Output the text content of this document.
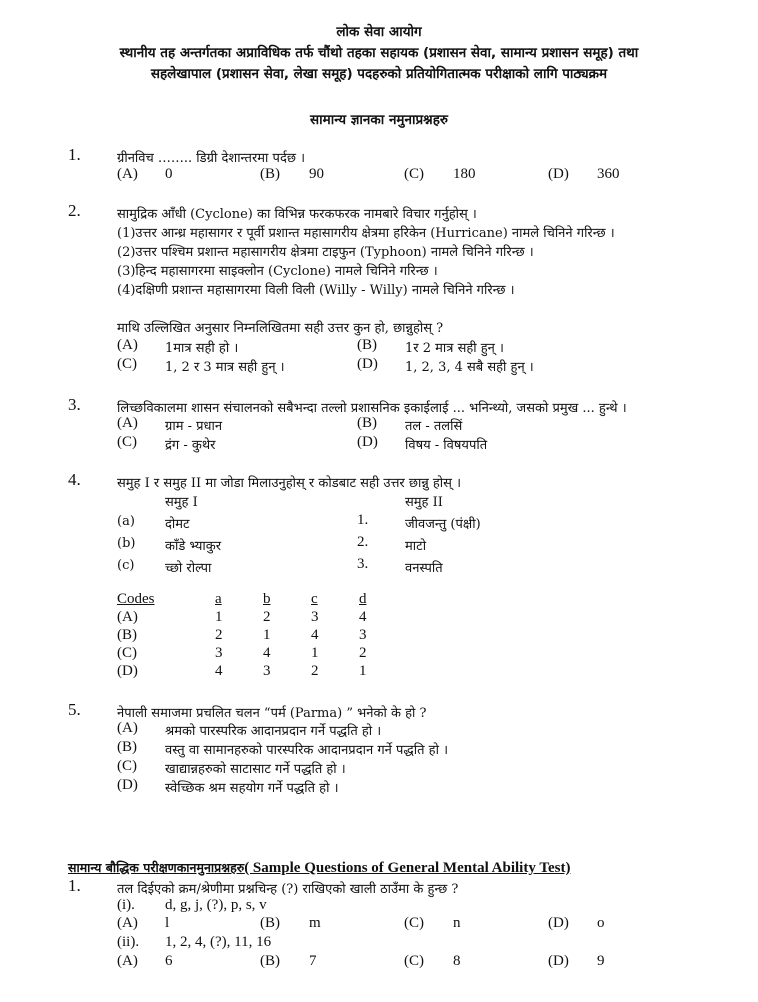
लोक सेवा आयोग
स्थानीय तह अन्तर्गतका अप्राविधिक तर्फ चौंथो तहका सहायक (प्रशासन सेवा, सामान्य प्रशासन समूह) तथा
सहलेखापाल (प्रशासन सेवा, लेखा समूह) पदहरुको प्रतियोगितात्मक परीक्षाको लागि पाठ्यक्रम
सामान्य ज्ञानका नमुनाप्रश्नहरु
1.	ग्रीनविच …….. डिग्री देशान्तरमा पर्दछ ।
(A) 0	(B) 90	(C) 180	(D) 360
2.	सामुद्रिक आँधी (Cyclone) का विभिन्न फरकफरक नामबारे विचार गर्नुहोस् ।
(1)उत्तर आन्ध्र महासागर र पूर्वी प्रशान्त महासागरीय क्षेत्रमा हरिकेन (Hurricane) नामले चिनिने गरिन्छ ।
(2)उत्तर पश्चिम प्रशान्त महासागरीय क्षेत्रमा टाइफुन (Typhoon) नामले चिनिने गरिन्छ ।
(3)हिन्द महासागरमा साइक्लोन (Cyclone) नामले चिनिने गरिन्छ ।
(4)दक्षिणी प्रशान्त महासागरमा विली विली (Willy - Willy) नामले चिनिने गरिन्छ ।
माथि उल्लिखित अनुसार निम्नलिखितमा सही उत्तर कुन हो, छान्नुहोस् ?
(A) 1मात्र सही हो ।	(B) 1र 2 मात्र सही हुन् ।
(C) 1, 2 र 3 मात्र सही हुन् ।	(D) 1, 2, 3, 4 सबै सही हुन् ।
3.	लिच्छविकालमा शासन संचालनको सबैभन्दा तल्लो प्रशासनिक इकाईलाई ... भनिन्थ्यो, जसको प्रमुख ... हुन्थे ।
(A) ग्राम - प्रधान	(B) तल - तलसिं
(C) द्रंग - कुथेर	(D) विषय - विषयपति
4.	समुह I र समुह II मा जोडा मिलाउनुहोस् र कोडबाट सही उत्तर छान्नु होस् ।
समुह I	समुह II
(a) दोमट	1.	जीवजन्तु (पंक्षी)
(b) काँडे भ्याकुर	2.	माटो
(c) च्छो रोल्पा	3.	वनस्पति
Codes	a	b	c	d
(A)	1	2	3	4
(B)	2	1	4	3
(C)	3	4	1	2
(D)	4	3	2	1
5.	नेपाली समाजमा प्रचलित चलन “पर्म (Parma) ” भनेको के हो ?
(A) श्रमको पारस्परिक आदानप्रदान गर्ने पद्धति हो ।
(B) वस्तु वा सामानहरुको पारस्परिक आदानप्रदान गर्ने पद्धति हो ।
(C) खाद्यान्नहरुको साटासाट गर्ने पद्धति हो ।
(D) स्वेच्छिक श्रम सहयोग गर्ने पद्धति हो ।
सामान्य बौद्धिक परीक्षणकानमुनाप्रश्नहरु( Sample Questions of General Mental Ability Test)
1.	तल दिईएको क्रम/श्रेणीमा प्रश्नचिन्ह (?) राखिएको खाली ठाउँमा के हुन्छ ?
(i). d, g, j, (?), p, s, v
(A) l	(B) m	(C) n	(D) o
(ii). 1, 2, 4, (?), 11, 16
(A) 6	(B) 7	(C) 8	(D) 9
